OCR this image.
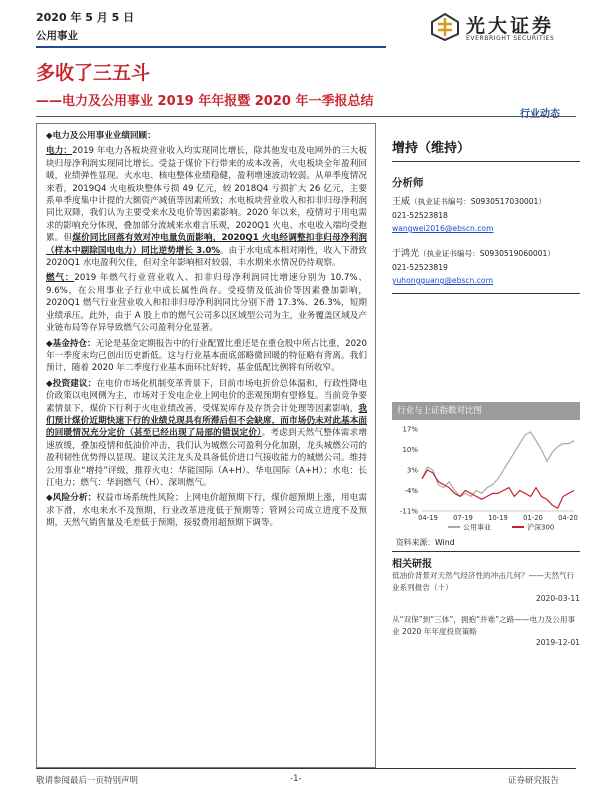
2020 年 5 月 5 日
公用事业	光大证券
EVERBRIGHT SECURITIES
多收了三五斗
——电力及公用事业 2019 年年报暨 2020 年一季报总结
行业动态

◆电力及公用事业业绩回顾：

电力：2019 年电力各板块营业收入均实现同比增长，除其他发电及电网外的三大板块归母净利润实现同比增长。受益于煤价下行带来的成本改善，火电板块全年盈利回暖，业绩弹性显现。火水电、核电整体业绩稳健，盈利增速波动较弱。从单季度情况来看，2019Q4 火电板块整体亏损 49 亿元，较 2018Q4 亏损扩大 26 亿元，主要系单季度集中计提的大额资产减值等因素所致；水电板块营业收入和扣非归母净利润同比双降，我们认为主要受来水及电价等因素影响。2020 年以来，疫情对于用电需求的影响充分体现，叠加部分流域来水难言乐观，2020Q1 火电、水电收入端均受抱累。但煤价同比回落有效对冲电量负面影响，2020Q1 火电经调整扣非归母净利润（样本中剔除国电电力）同比逆势增长 3.0%。由于水电成本相对刚性，收入下滑致 2020Q1 水电盈利欠佳，但对全年影响相对较弱，丰水期来水情况仍待观察。

燃气：2019 年燃气行业营业收入、扣非归母净利润同比增速分别为 10.7%、9.6%，在公用事业子行业中成长属性尚存。受疫情及低油价等因素叠加影响，2020Q1 燃气行业营业收入和扣非归母净利润同比分别下滑 17.3%、26.3%，短期业绩承压。此外，由于 A 股上市的燃气公司多以区域型公司为主，业务覆盖区域及产业链布局等存异导致燃气公司盈利分化显著。

◆基金持仓：无论是基金定期报告中的行业配置比重还是在重仓股中所占比重，2020 年一季度末均已创出历史新低。这与行业基本面底部略微回暖的特征略有背离。我们预计，随着 2020 年二季度行业基本面环比好转，基金低配比例将有所收窄。

◆投资建议：在电价市场化机制变革背景下，目前市场电折价总体温和，行政性降电价政策以电网侧为主，市场对于发电企业上网电价的悲观预期有望修复。当前竞争要素情景下，煤价下行利于火电业绩改善，受煤炭库存及存货会计处理等因素影响，我们预计煤价近期快速下行的业绩兑现具有所滞后但不会缺席，而市场仍未对此基本面的回暖情况充分定价（甚至已经出现了局部的错误定价）。考虑到天然气整体需求增速放缓，叠加疫情和低油价冲击，我们认为城燃公司盈利分化加剧，龙头城燃公司的盈利韧性优势得以显现。建议关注龙头及具备低价进口气接收能力的城燃公司。维持公用事业“增持”评级，推荐火电：华能国际（A+H）、华电国际（A+H）；水电：长江电力；燃气：华润燃气（H）、深圳燃气。

◆风险分析：权益市场系统性风险；上网电价超预期下行，煤价超预期上涨，用电需求下滑，水电来水不及预期，行业改革进度低于预期等；管网公司成立进度不及预期，天然气销售量及毛差低于预期，接驳费用超预期下调等。

增持（维持）
分析师
王威（执业证书编号：S0930517030001）
021-52523818
wangwei2016@ebscn.com
于鸿光（执业证书编号：S0930519060001）
021-52523819
yuhongguang@ebscn.com
行业与上证指数对比图
17%
10%
3%
-4%
-11%
04-19 07-19 10-19 01-20 04-20
公用事业	沪深300
资料来源：Wind
相关研报
低油价背景对天然气经济性的冲击几何？——天然气行业系列报告（十）
2020-03-11
从“双保”到“三体”，拥抱“并难”之路——电力及公用事业 2020 年年度投资策略
2019-12-01
敬请参阅最后一页特别声明	-1-	证券研究报告
